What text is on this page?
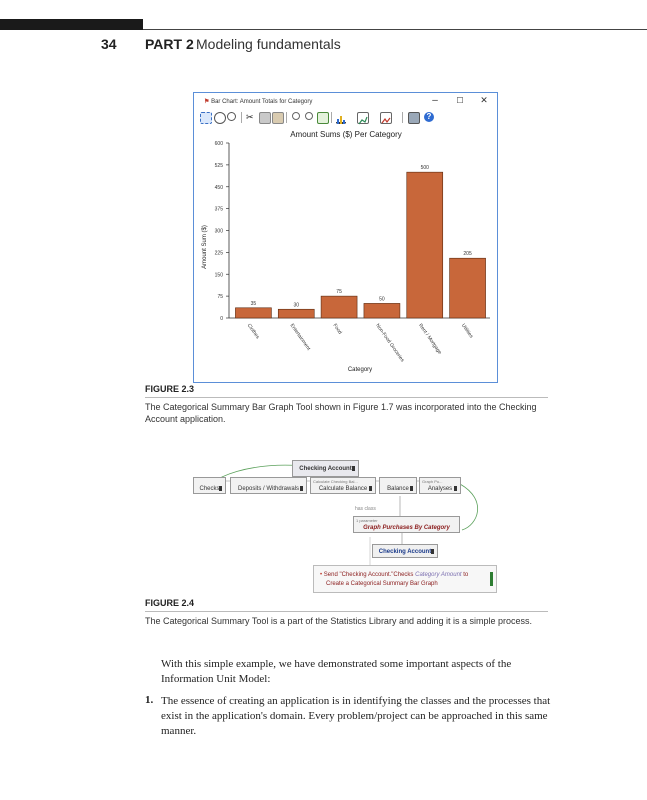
34 PART 2 Modeling fundamentals
⚑ Bar Chart: Amount Totals for Category	–	☐	✕
✂	?
Amount Sums ($) Per Category
Amount Sum ($)
Category
0
75
150
225
300
375
450
525
600
35
Clothes
30
Entertainment
75
Food
50
Non-Food Groceries
500
Rent / Mortgage
205
Utilities
FIGURE 2.3
The Categorical Summary Bar Graph Tool shown in Figure 1.7 was incorporated into the Checking Account application.
Checking Account
Checks	Deposits / Withdrawals
Calculate Checking Bal...
Calculate Balance	Balance
Graph Pu...
Analyses
has class
1 parameter
Graph Purchases By Category
Checking Account
• Send "Checking Account."Checks Category Amount to
Create a Categorical Summary Bar Graph
FIGURE 2.4
The Categorical Summary Tool is a part of the Statistics Library and adding it is a simple process.
With this simple example, we have demonstrated some important aspects of the Information Unit Model:
1. The essence of creating an application is in identifying the classes and the processes that exist in the application's domain. Every problem/project can be approached in this same manner.
